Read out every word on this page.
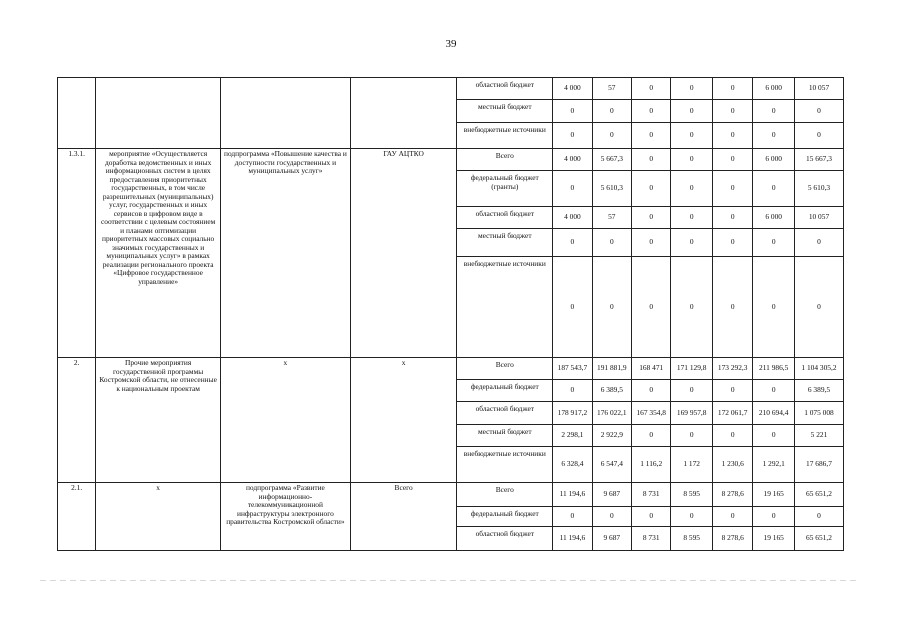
39
				областной бюджет	4 000	57	0	0	0	6 000	10 057
				местный бюджет	0	0	0	0	0	0	0
				внебюджетные источники	0	0	0	0	0	0	0
1.3.1.	мероприятие «Осуществляется доработка ведомственных и иных информационных систем в целях предоставления приоритетных государственных, в том числе разрешительных (муниципальных) услуг, государственных и иных сервисов в цифровом виде в соответствии с целевым состоянием и планами оптимизации приоритетных массовых социально значимых государственных и муниципальных услуг» в рамках реализации регионального проекта «Цифровое государственное управление»	подпрограмма «Повышение качества и доступности государственных и муниципальных услуг»	ГАУ АЦТКО	Всего	4 000	5 667,3	0	0	0	6 000	15 667,3
				федеральный бюджет (гранты)	0	5 610,3	0	0	0	0	5 610,3
				областной бюджет	4 000	57	0	0	0	6 000	10 057
				местный бюджет	0	0	0	0	0	0	0
				внебюджетные источники	0	0	0	0	0	0	0
2.	Прочие мероприятия государственной программы Костромской области, не отнесенные к национальным проектам	x	x	Всего	187 543,7	191 881,9	168 471	171 129,8	173 292,3	211 986,5	1 104 305,2
				федеральный бюджет	0	6 389,5	0	0	0	0	6 389,5
				областной бюджет	178 917,2	176 022,1	167 354,8	169 957,8	172 061,7	210 694,4	1 075 008
				местный бюджет	2 298,1	2 922,9	0	0	0	0	5 221
				внебюджетные источники	6 328,4	6 547,4	1 116,2	1 172	1 230,6	1 292,1	17 686,7
2.1.	x	подпрограмма «Развитие информационно-телекоммуникационной инфраструктуры электронного правительства Костромской области»	Всего	Всего	11 194,6	9 687	8 731	8 595	8 278,6	19 165	65 651,2
				федеральный бюджет	0	0	0	0	0	0	0
				областной бюджет	11 194,6	9 687	8 731	8 595	8 278,6	19 165	65 651,2
